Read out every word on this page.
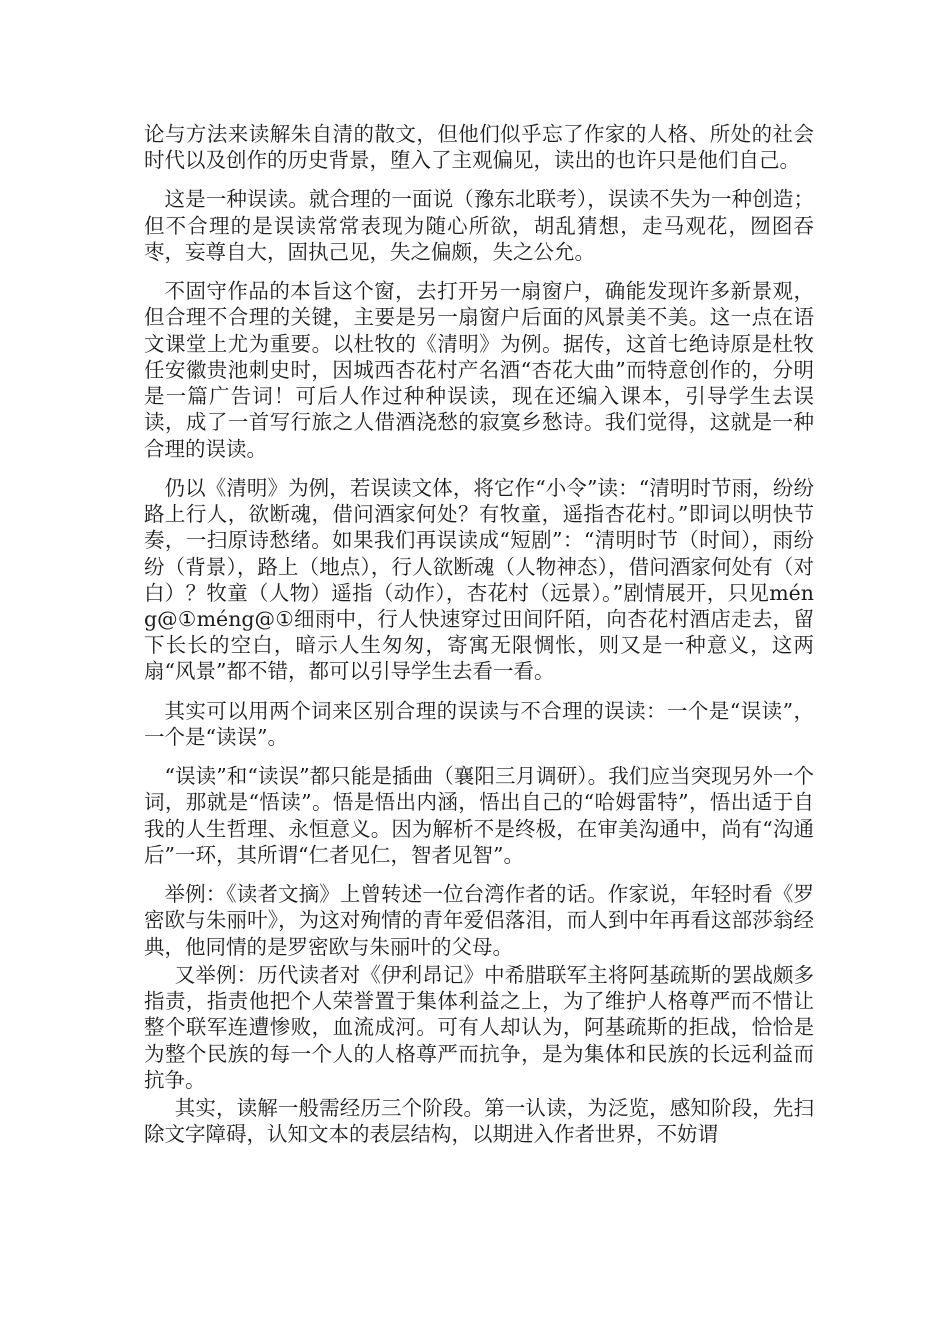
论与方法来读解朱自清的散文，但他们似乎忘了作家的人格、所处的社会时代以及创作的历史背景，堕入了主观偏见，读出的也许只是他们自己。

这是一种误读。就合理的一面说（豫东北联考），误读不失为一种创造；但不合理的是误读常常表现为随心所欲，胡乱猜想，走马观花，囫囵吞枣，妄尊自大，固执己见，失之偏颇，失之公允。

不固守作品的本旨这个窗，去打开另一扇窗户，确能发现许多新景观，但合理不合理的关键，主要是另一扇窗户后面的风景美不美。这一点在语文课堂上尤为重要。以杜牧的《清明》为例。据传，这首七绝诗原是杜牧任安徽贵池刺史时，因城西杏花村产名酒“杏花大曲”而特意创作的，分明是一篇广告词！可后人作过种种误读，现在还编入课本，引导学生去误读，成了一首写行旅之人借酒浇愁的寂寞乡愁诗。我们觉得，这就是一种合理的误读。

仍以《清明》为例，若误读文体，将它作“小令”读：“清明时节雨，纷纷路上行人，欲断魂，借问酒家何处？有牧童，遥指杏花村。”即词以明快节奏，一扫原诗愁绪。如果我们再误读成“短剧”：“清明时节（时间），雨纷纷（背景），路上（地点），行人欲断魂（人物神态），借问酒家何处有（对白）？牧童（人物）遥指（动作），杏花村（远景）。”剧情展开，只见méng@①méng@①细雨中，行人快速穿过田间阡陌，向杏花村酒店走去，留下长长的空白，暗示人生匆匆，寄寓无限惆怅，则又是一种意义，这两扇“风景”都不错，都可以引导学生去看一看。

其实可以用两个词来区别合理的误读与不合理的误读：一个是“误读”，一个是“读误”。

“误读”和“读误”都只能是插曲（襄阳三月调研）。我们应当突现另外一个词，那就是“悟读”。悟是悟出内涵，悟出自己的“哈姆雷特”，悟出适于自我的人生哲理、永恒意义。因为解析不是终极，在审美沟通中，尚有“沟通后”一环，其所谓“仁者见仁，智者见智”。

举例：《读者文摘》上曾转述一位台湾作者的话。作家说，年轻时看《罗密欧与朱丽叶》，为这对殉情的青年爱侣落泪，而人到中年再看这部莎翁经典，他同情的是罗密欧与朱丽叶的父母。

又举例：历代读者对《伊利昂记》中希腊联军主将阿基疏斯的罢战颇多指责，指责他把个人荣誉置于集体利益之上，为了维护人格尊严而不惜让整个联军连遭惨败，血流成河。可有人却认为，阿基疏斯的拒战，恰恰是为整个民族的每一个人的人格尊严而抗争，是为集体和民族的长远利益而抗争。

其实，读解一般需经历三个阶段。第一认读，为泛览，感知阶段，先扫除文字障碍，认知文本的表层结构，以期进入作者世界，不妨谓
